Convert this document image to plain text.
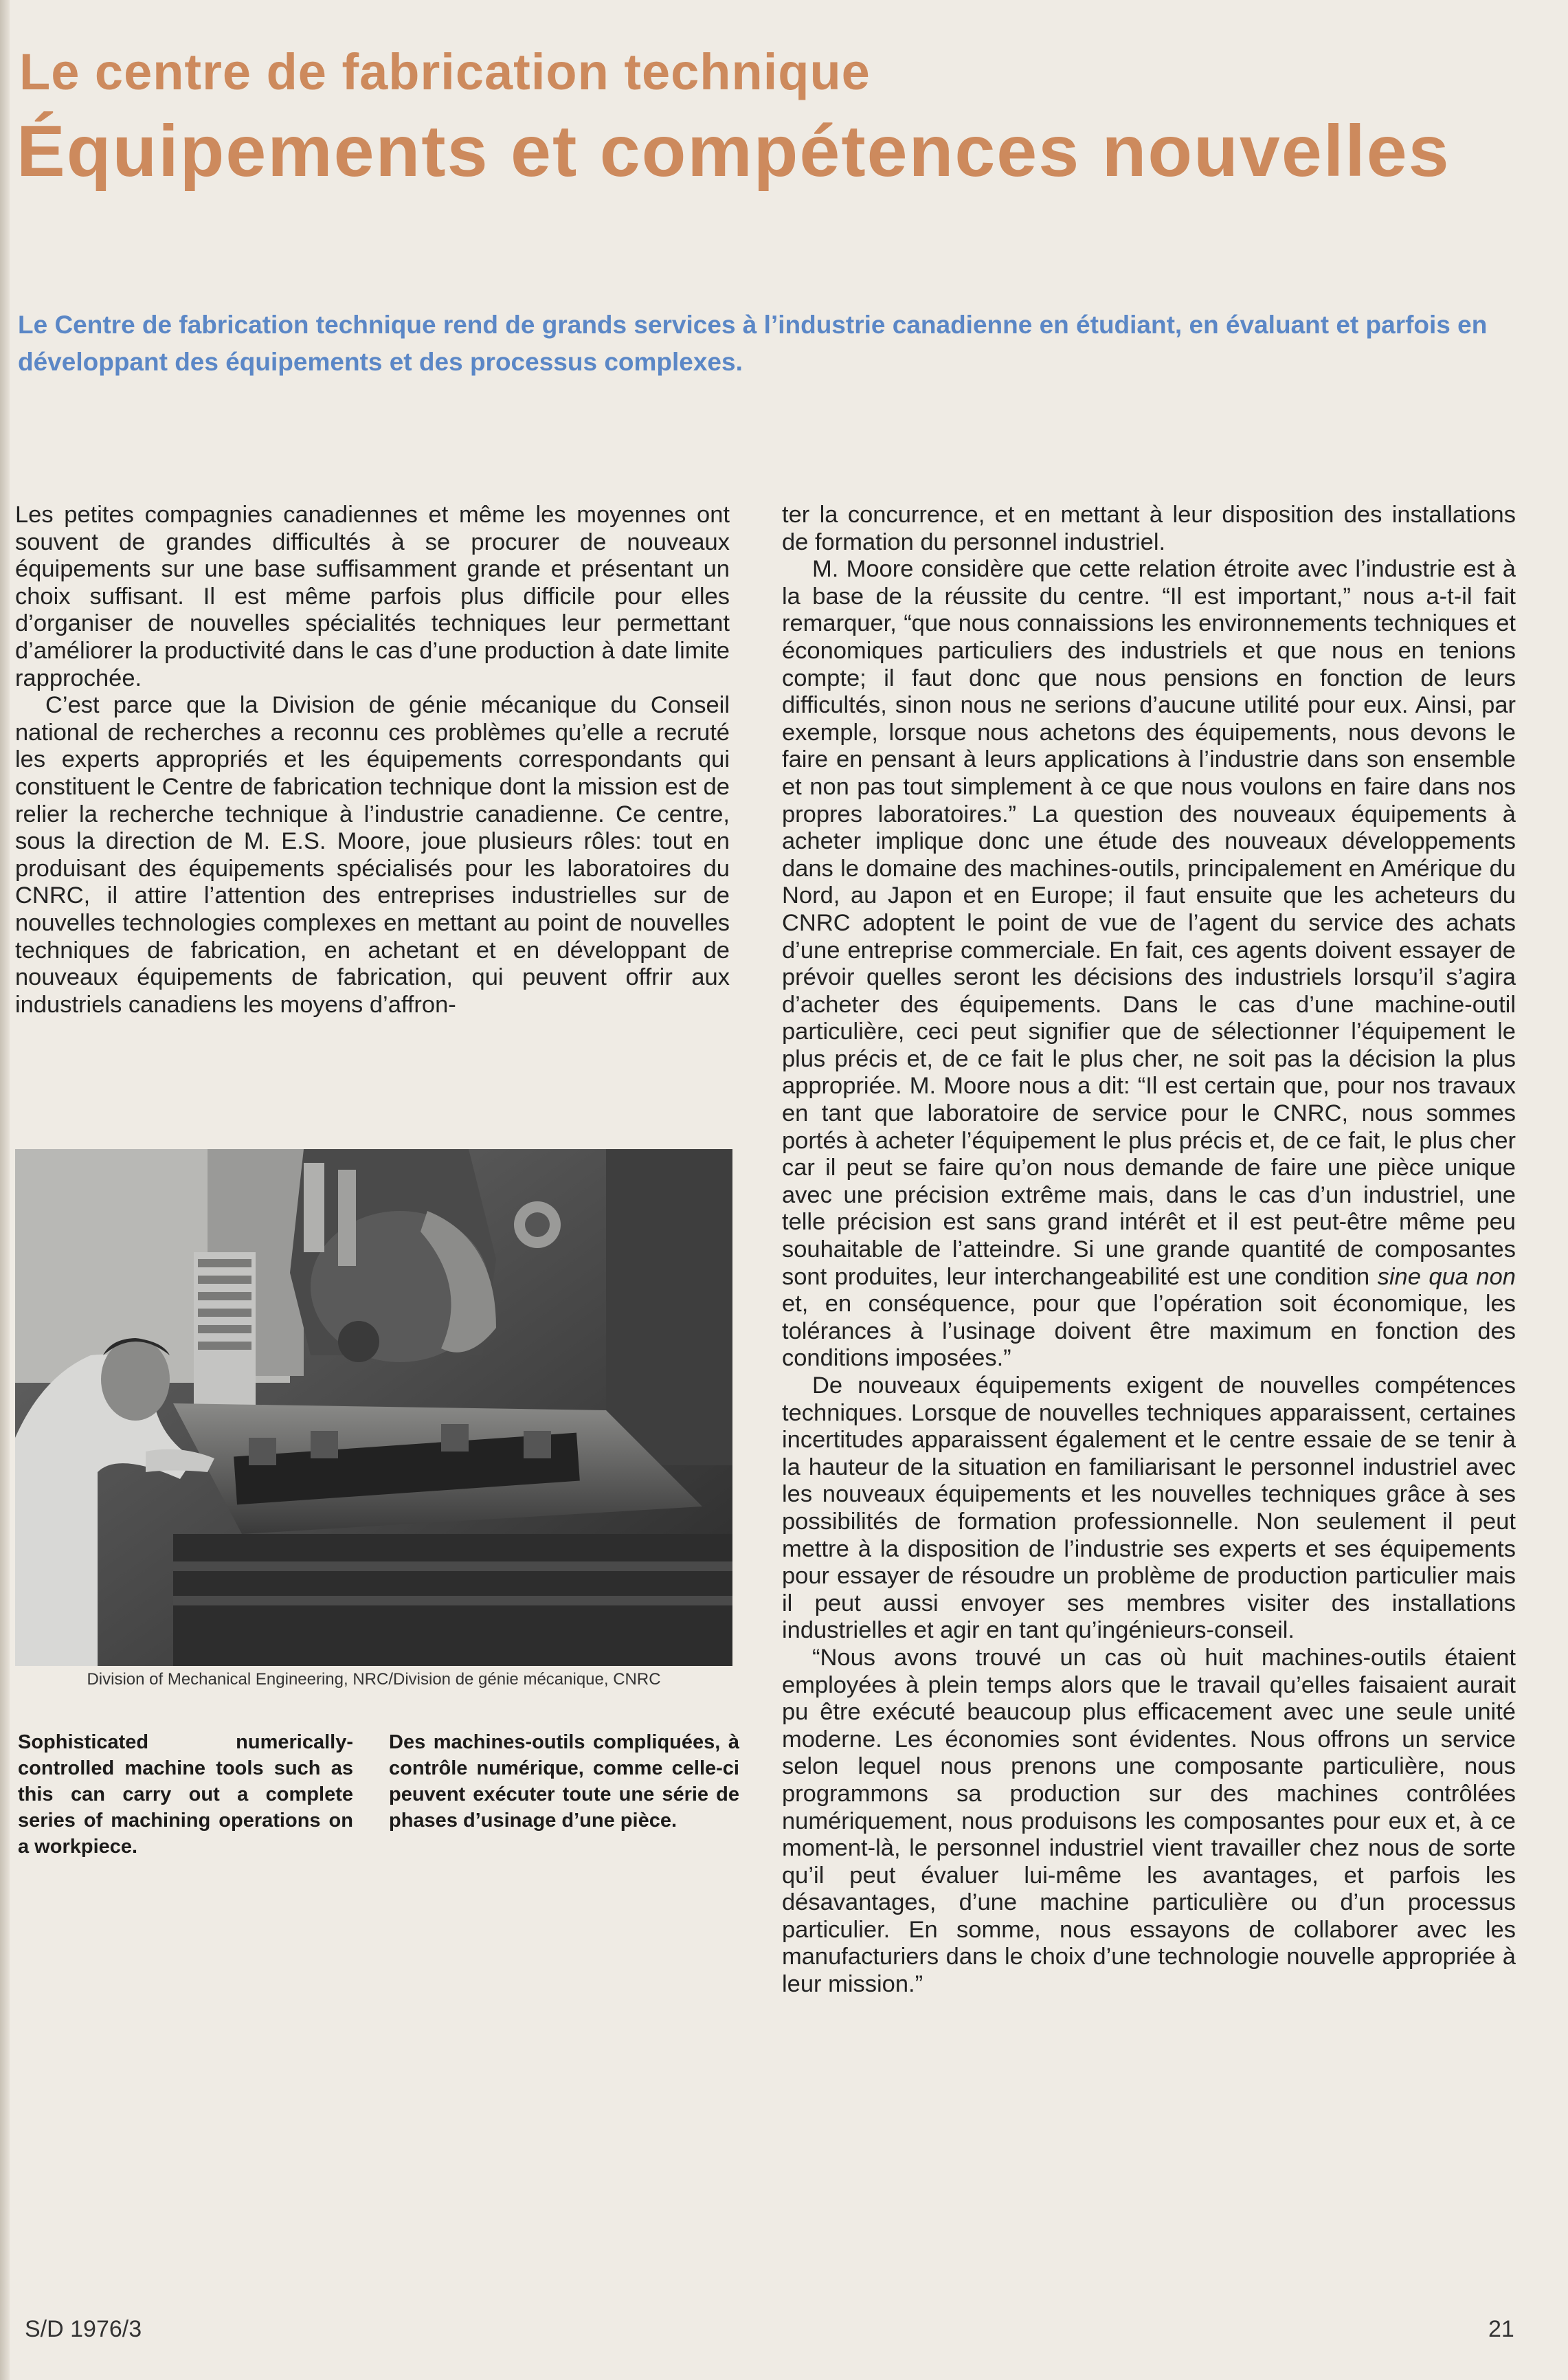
Le centre de fabrication technique
Équipements et compétences nouvelles
Le Centre de fabrication technique rend de grands services à l’industrie canadienne en étudiant, en évaluant et parfois en développant des équipements et des processus complexes.

Les petites compagnies canadiennes et même les moyennes ont souvent de grandes difficultés à se procurer de nouveaux équipements sur une base suffisamment grande et présentant un choix suffisant. Il est même parfois plus difficile pour elles d’organiser de nouvelles spécialités techniques leur permettant d’améliorer la productivité dans le cas d’une production à date limite rapprochée.

C’est parce que la Division de génie mécanique du Conseil national de recherches a reconnu ces problèmes qu’elle a recruté les experts appropriés et les équipements correspondants qui constituent le Centre de fabrication technique dont la mission est de relier la recherche technique à l’industrie canadienne. Ce centre, sous la direction de M. E.S. Moore, joue plusieurs rôles: tout en produisant des équipements spécialisés pour les laboratoires du CNRC, il attire l’attention des entreprises industrielles sur de nouvelles technologies complexes en mettant au point de nouvelles techniques de fabrication, en achetant et en développant de nouveaux équipements de fabrication, qui peuvent offrir aux industriels canadiens les moyens d’affron-

Division of Mechanical Engineering, NRC/Division de génie mécanique, CNRC
Sophisticated numerically-controlled machine tools such as this can carry out a complete series of machining operations on a workpiece.
Des machines-outils compliquées, à contrôle numérique, comme celle-ci peuvent exécuter toute une série de phases d’usinage d’une pièce.

ter la concurrence, et en mettant à leur disposition des installations de formation du personnel industriel.

M. Moore considère que cette relation étroite avec l’industrie est à la base de la réussite du centre. “Il est important,” nous a-t-il fait remarquer, “que nous connaissions les environnements techniques et économiques particuliers des industriels et que nous en tenions compte; il faut donc que nous pensions en fonction de leurs difficultés, sinon nous ne serions d’aucune utilité pour eux. Ainsi, par exemple, lorsque nous achetons des équipements, nous devons le faire en pensant à leurs applications à l’industrie dans son ensemble et non pas tout simplement à ce que nous voulons en faire dans nos propres laboratoires.” La question des nouveaux équipements à acheter implique donc une étude des nouveaux développements dans le domaine des machines-outils, principalement en Amérique du Nord, au Japon et en Europe; il faut ensuite que les acheteurs du CNRC adoptent le point de vue de l’agent du service des achats d’une entreprise commerciale. En fait, ces agents doivent essayer de prévoir quelles seront les décisions des industriels lorsqu’il s’agira d’acheter des équipements. Dans le cas d’une machine-outil particulière, ceci peut signifier que de sélectionner l’équipement le plus précis et, de ce fait le plus cher, ne soit pas la décision la plus appropriée. M. Moore nous a dit: “Il est certain que, pour nos travaux en tant que laboratoire de service pour le CNRC, nous sommes portés à acheter l’équipement le plus précis et, de ce fait, le plus cher car il peut se faire qu’on nous demande de faire une pièce unique avec une précision extrême mais, dans le cas d’un industriel, une telle précision est sans grand intérêt et il est peut-être même peu souhaitable de l’atteindre. Si une grande quantité de composantes sont produites, leur interchangeabilité est une condition sine qua non et, en conséquence, pour que l’opération soit économique, les tolérances à l’usinage doivent être maximum en fonction des conditions imposées.”

De nouveaux équipements exigent de nouvelles compétences techniques. Lorsque de nouvelles techniques apparaissent, certaines incertitudes apparaissent également et le centre essaie de se tenir à la hauteur de la situation en familiarisant le personnel industriel avec les nouveaux équipements et les nouvelles techniques grâce à ses possibilités de formation professionnelle. Non seulement il peut mettre à la disposition de l’industrie ses experts et ses équipements pour essayer de résoudre un problème de production particulier mais il peut aussi envoyer ses membres visiter des installations industrielles et agir en tant qu’ingénieurs-conseil.

“Nous avons trouvé un cas où huit machines-outils étaient employées à plein temps alors que le travail qu’elles faisaient aurait pu être exécuté beaucoup plus efficacement avec une seule unité moderne. Les économies sont évidentes. Nous offrons un service selon lequel nous prenons une composante particulière, nous programmons sa production sur des machines contrôlées numériquement, nous produisons les composantes pour eux et, à ce moment-là, le personnel industriel vient travailler chez nous de sorte qu’il peut évaluer lui-même les avantages, et parfois les désavantages, d’une machine particulière ou d’un processus particulier. En somme, nous essayons de collaborer avec les manufacturiers dans le choix d’une technologie nouvelle appropriée à leur mission.”

S/D 1976/3	21
